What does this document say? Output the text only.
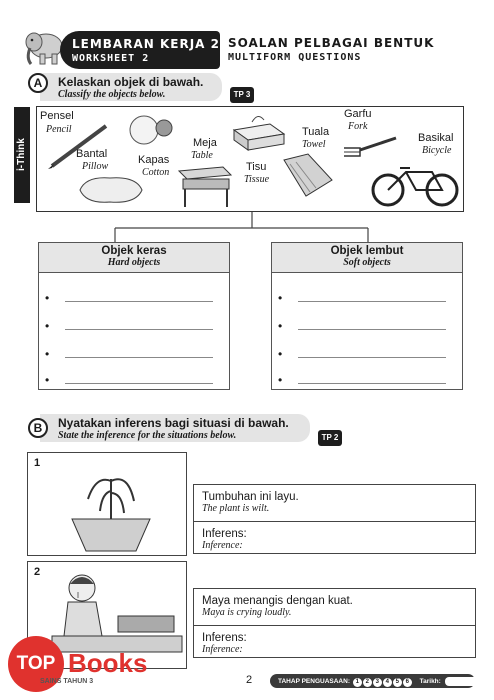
LEMBARAN KERJA 2
WORKSHEET 2
SOALAN PELBAGAI BENTUK
MULTIFORM QUESTIONS
Kelaskan objek di bawah.
Classify the objects below.
A
TP 3
i-Think
Pensel
Pencil
Bantal
Pillow
Kapas
Cotton
Meja
Table
Tisu
Tissue
Tuala
Towel
Garfu
Fork
Basikal
Bicycle
Objek keras
Hard objects
•
•
•
•
Objek lembut
Soft objects
•
•
•
•
Nyatakan inferens bagi situasi di bawah.
State the inference for the situations below.
B
TP 2
1
Tumbuhan ini layu.
The plant is wilt.
Inferens:
Inference:
2
Maya menangis dengan kuat.
Maya is crying loudly.
Inferens:
Inference:
TOP Books
SAINS TAHUN 3	2	TAHAP PENGUASAAN: 1 2 3 4 5 6 Tarikh:
